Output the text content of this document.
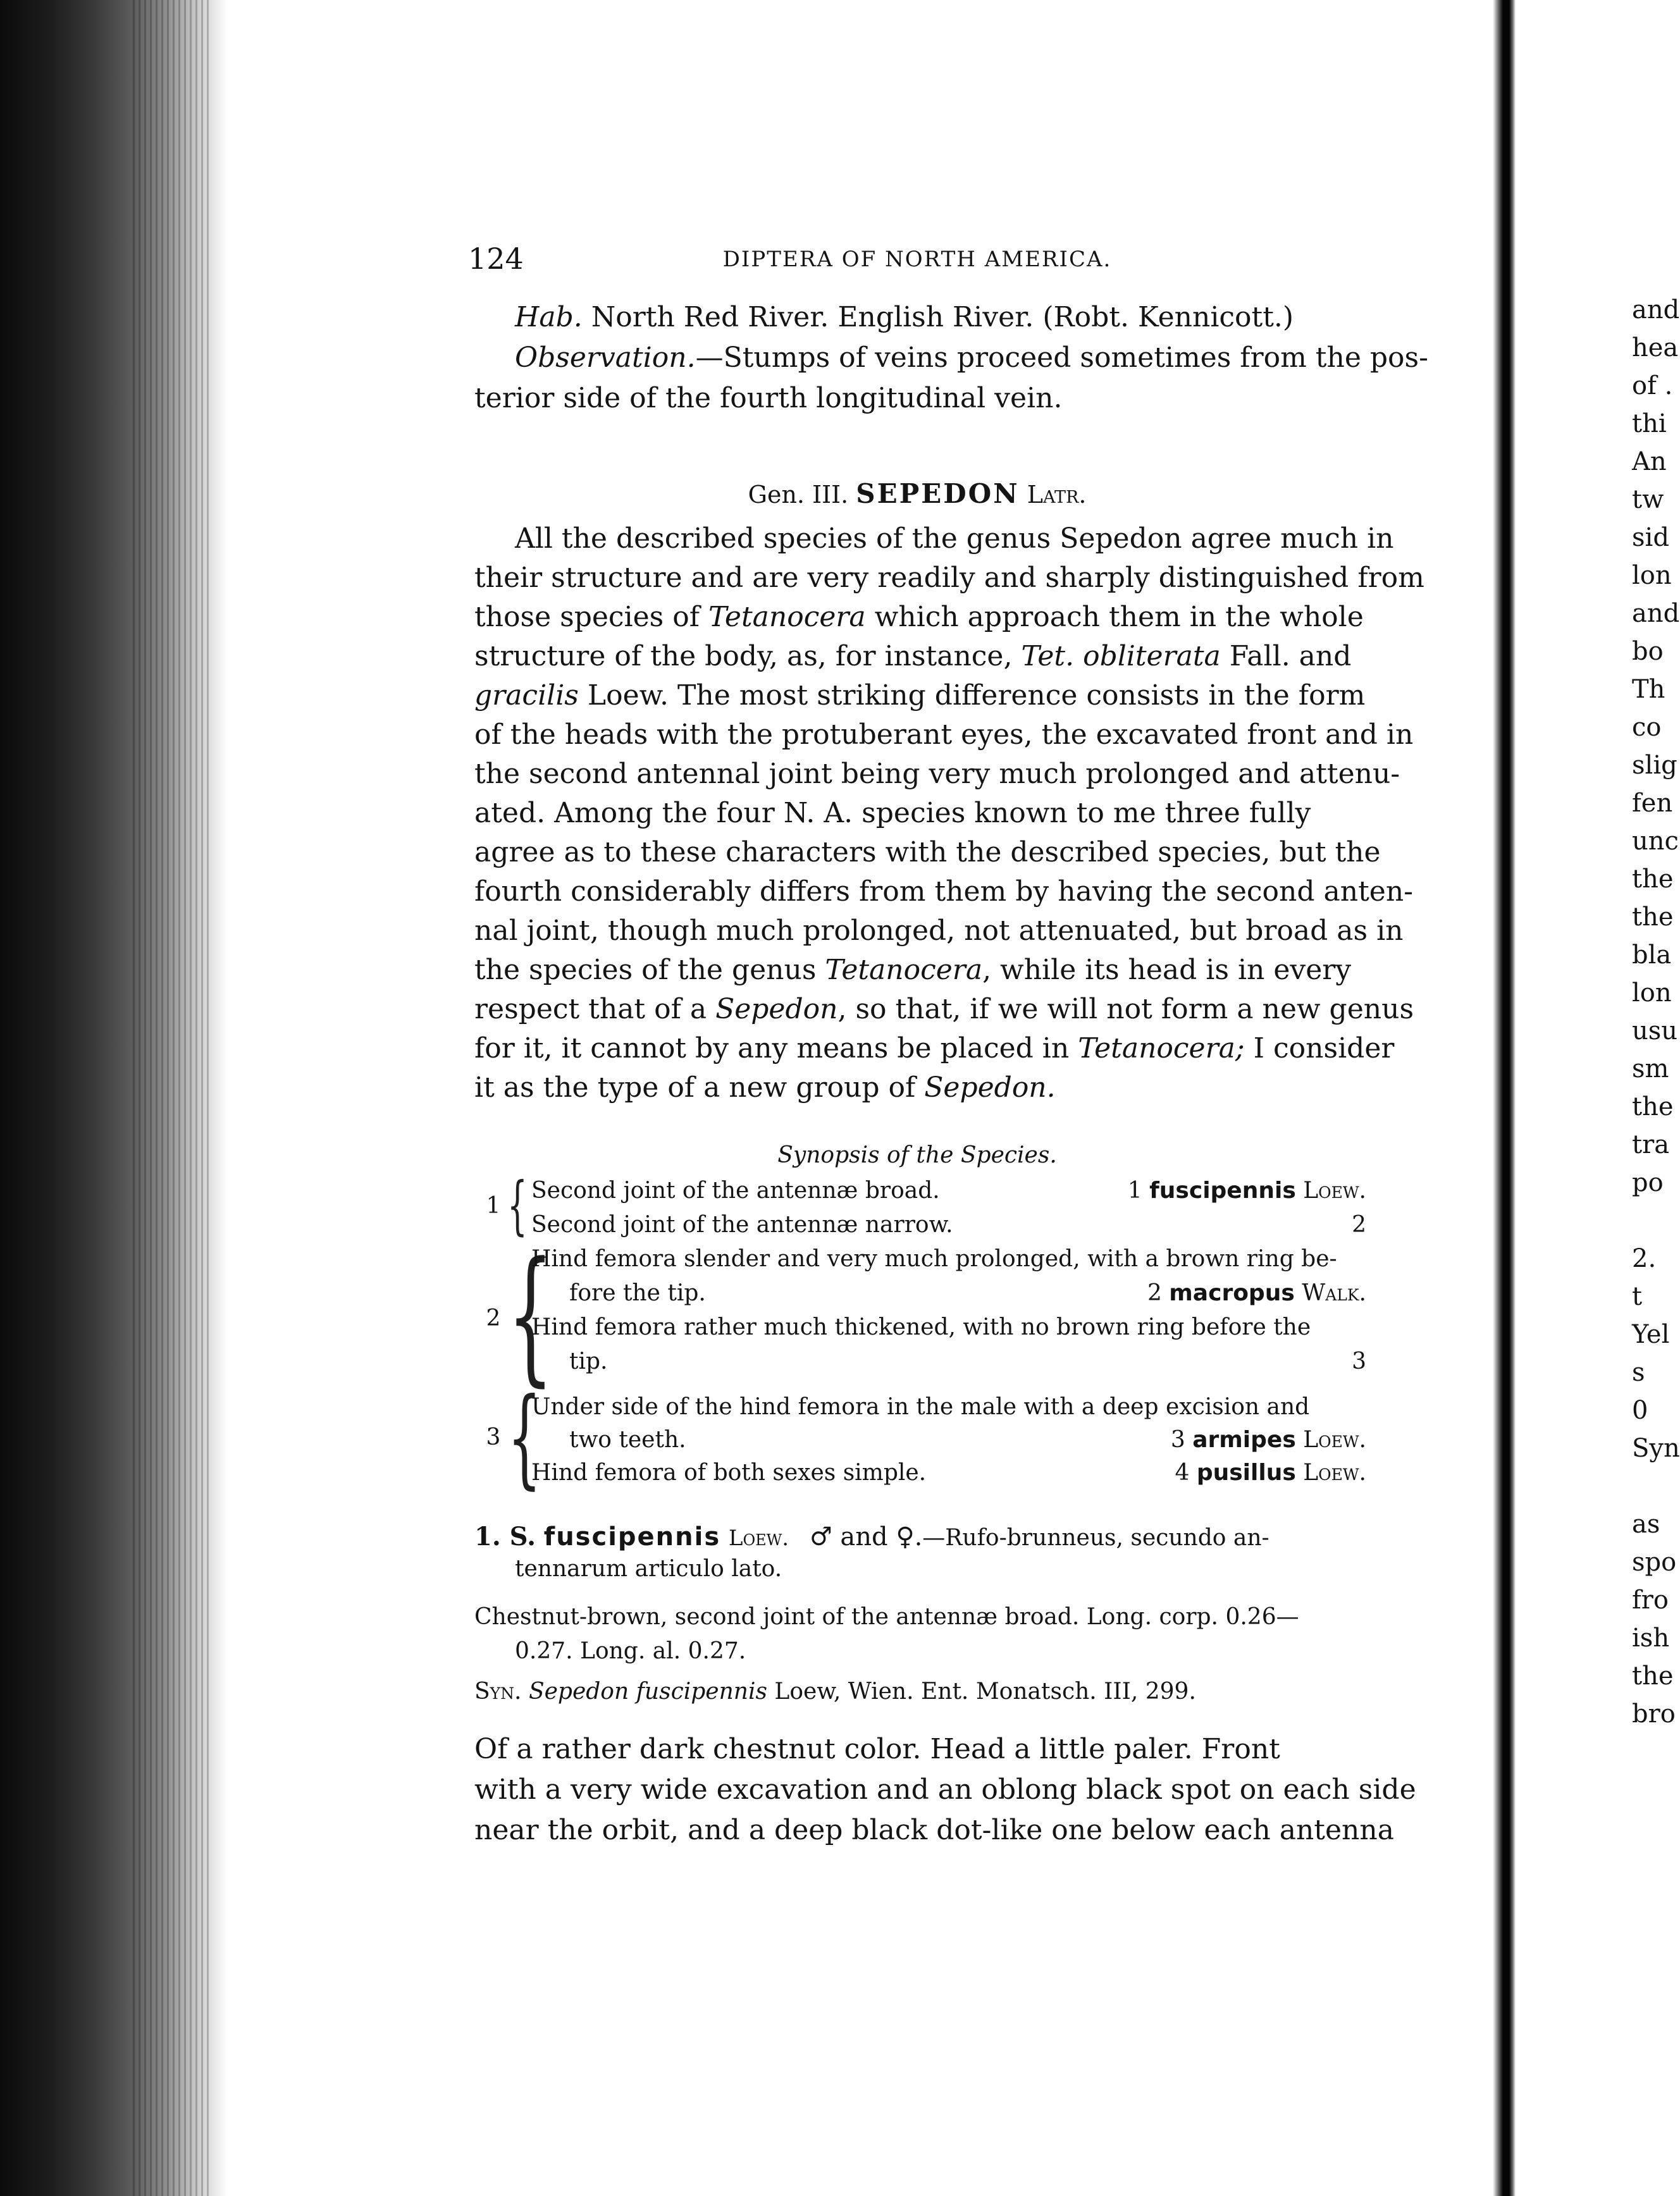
and
hea
of .
thi
An
tw
sid
lon
and
bo
Th
co
slig
fen
unc
the
the
bla
lon
usu
sm
the
tra
po
2.
t
Yel
s
0
Syn
as
spo
fro
ish
the
bro
124	DIPTERA OF NORTH AMERICA.
Hab. North Red River. English River. (Robt. Kennicott.)
Observation.—Stumps of veins proceed sometimes from the pos-
terior side of the fourth longitudinal vein.
Gen. III. SEPEDON Latr.
All the described species of the genus Sepedon agree much in
their structure and are very readily and sharply distinguished from
those species of Tetanocera which approach them in the whole
structure of the body, as, for instance, Tet. obliterata Fall. and
gracilis Loew. The most striking difference consists in the form
of the heads with the protuberant eyes, the excavated front and in
the second antennal joint being very much prolonged and attenu-
ated. Among the four N. A. species known to me three fully
agree as to these characters with the described species, but the
fourth considerably differs from them by having the second anten-
nal joint, though much prolonged, not attenuated, but broad as in
the species of the genus Tetanocera, while its head is in every
respect that of a Sepedon, so that, if we will not form a new genus
for it, it cannot by any means be placed in Tetanocera; I consider
it as the type of a new group of Sepedon.
Synopsis of the Species.
1 { Second joint of the antennæ broad.	1 fuscipennis Loew.
Second joint of the antennæ narrow.	2
2 {
Hind femora slender and very much prolonged, with a brown ring be-
fore the tip.	2 macropus Walk.
Hind femora rather much thickened, with no brown ring before the
tip.	3
3 {
Under side of the hind femora in the male with a deep excision and
two teeth.	3 armipes Loew.
Hind femora of both sexes simple.	4 pusillus Loew.
1. S. fuscipennis Loew. ♂ and ♀.—Rufo-brunneus, secundo an-
tennarum articulo lato.
Chestnut-brown, second joint of the antennæ broad. Long. corp. 0.26—
0.27. Long. al. 0.27.
Syn. Sepedon fuscipennis Loew, Wien. Ent. Monatsch. III, 299.
Of a rather dark chestnut color. Head a little paler. Front
with a very wide excavation and an oblong black spot on each side
near the orbit, and a deep black dot-like one below each antenna
